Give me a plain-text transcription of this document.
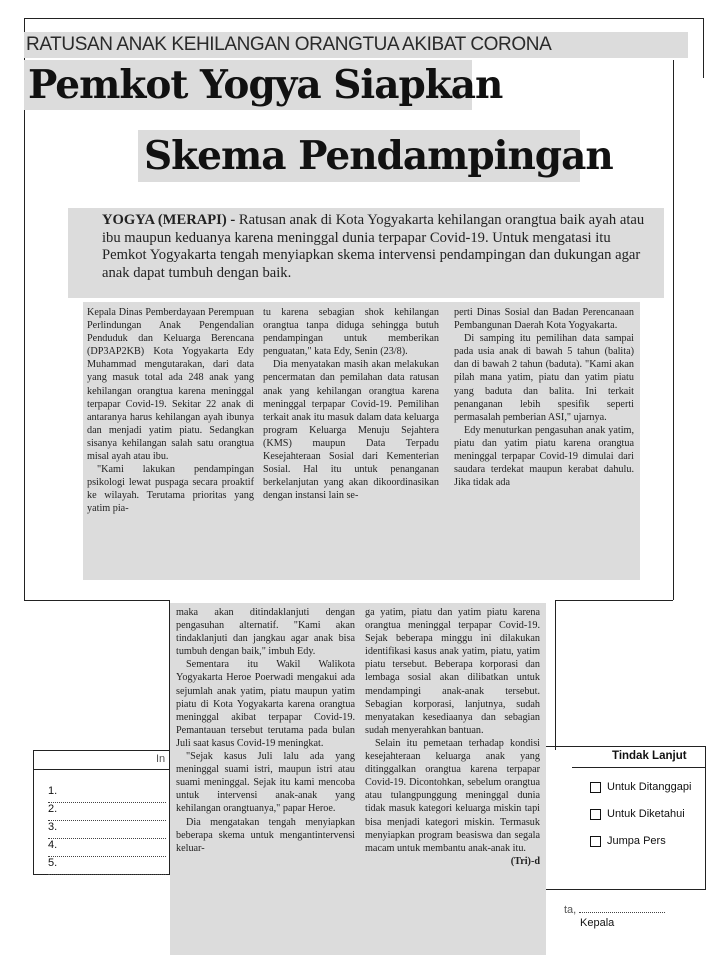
RATUSAN ANAK KEHILANGAN ORANGTUA AKIBAT CORONA
Pemkot Yogya Siapkan
Skema Pendampingan
YOGYA (MERAPI) - Ratusan anak di Kota Yogyakarta kehilangan orangtua baik ayah atau ibu maupun keduanya karena meninggal dunia terpapar Covid-19. Untuk mengatasi itu Pemkot Yogyakarta tengah menyiapkan skema intervensi pendampingan dan dukungan agar anak dapat tumbuh dengan baik.

Kepala Dinas Pemberdayaan Perempuan Perlindungan Anak Pengendalian Penduduk dan Keluarga Berencana (DP3AP2KB) Kota Yogyakarta Edy Muhammad mengutarakan, dari data yang masuk total ada 248 anak yang kehilangan orangtua karena meninggal terpapar Covid-19. Sekitar 22 anak di antaranya harus kehilangan ayah ibunya dan menjadi yatim piatu. Sedangkan sisanya kehilangan salah satu orangtua misal ayah atau ibu.

"Kami lakukan pendampingan psikologi lewat puspaga secara proaktif ke wilayah. Terutama prioritas yang yatim pia-

tu karena sebagian shok kehilangan orangtua tanpa diduga sehingga butuh pendampingan untuk memberikan penguatan," kata Edy, Senin (23/8).

Dia menyatakan masih akan melakukan pencermatan dan pemilahan data ratusan anak yang kehilangan orangtua karena meninggal terpapar Covid-19. Pemilihan terkait anak itu masuk dalam data keluarga program Keluarga Menuju Sejahtera (KMS) maupun Data Terpadu Kesejahteraan Sosial dari Kementerian Sosial. Hal itu untuk penanganan berkelanjutan yang akan dikoordinasikan dengan instansi lain se-

perti Dinas Sosial dan Badan Perencanaan Pembangunan Daerah Kota Yogyakarta.

Di samping itu pemilihan data sampai pada usia anak di bawah 5 tahun (balita) dan di bawah 2 tahun (baduta). "Kami akan pilah mana yatim, piatu dan yatim piatu yang baduta dan balita. Ini terkait penanganan lebih spesifik seperti permasalah pemberian ASI," ujarnya.

Edy menuturkan pengasuhan anak yatim, piatu dan yatim piatu karena orangtua meninggal terpapar Covid-19 dimulai dari saudara terdekat maupun kerabat dahulu. Jika tidak ada

maka akan ditindaklanjuti dengan pengasuhan alternatif. "Kami akan tindaklanjuti dan jangkau agar anak bisa tumbuh dengan baik," imbuh Edy.

Sementara itu Wakil Walikota Yogyakarta Heroe Poerwadi mengakui ada sejumlah anak yatim, piatu maupun yatim piatu di Kota Yogyakarta karena orangtua meninggal akibat terpapar Covid-19. Pemantauan tersebut terutama pada bulan Juli saat kasus Covid-19 meningkat.

"Sejak kasus Juli lalu ada yang meninggal suami istri, maupun istri atau suami meninggal. Sejak itu kami mencoba untuk intervensi anak-anak yang kehilangan orangtuanya," papar Heroe.

Dia mengatakan tengah menyiapkan beberapa skema untuk mengantintervensi keluar-

ga yatim, piatu dan yatim piatu karena orangtua meninggal terpapar Covid-19. Sejak beberapa minggu ini dilakukan identifikasi kasus anak yatim, piatu, yatim piatu tersebut. Beberapa korporasi dan lembaga sosial akan dilibatkan untuk mendampingi anak-anak tersebut. Sebagian korporasi, lanjutnya, sudah menyatakan kesediaanya dan sebagian sudah menyerahkan bantuan.

Selain itu pemetaan terhadap kondisi kesejahteraan keluarga anak yang ditinggalkan orangtua karena terpapar Covid-19. Dicontohkan, sebelum orangtua atau tulangpunggung meninggal dunia tidak masuk kategori keluarga miskin tapi bisa menjadi kategori miskin. Termasuk menyiapkan program beasiswa dan segala macam untuk membantu anak-anak itu.

(Tri)-d

In
1.
2.
3.
4.
5.
Tindak Lanjut
Untuk Ditanggapi
Untuk Diketahui
Jumpa Pers
ta,
Kepala
